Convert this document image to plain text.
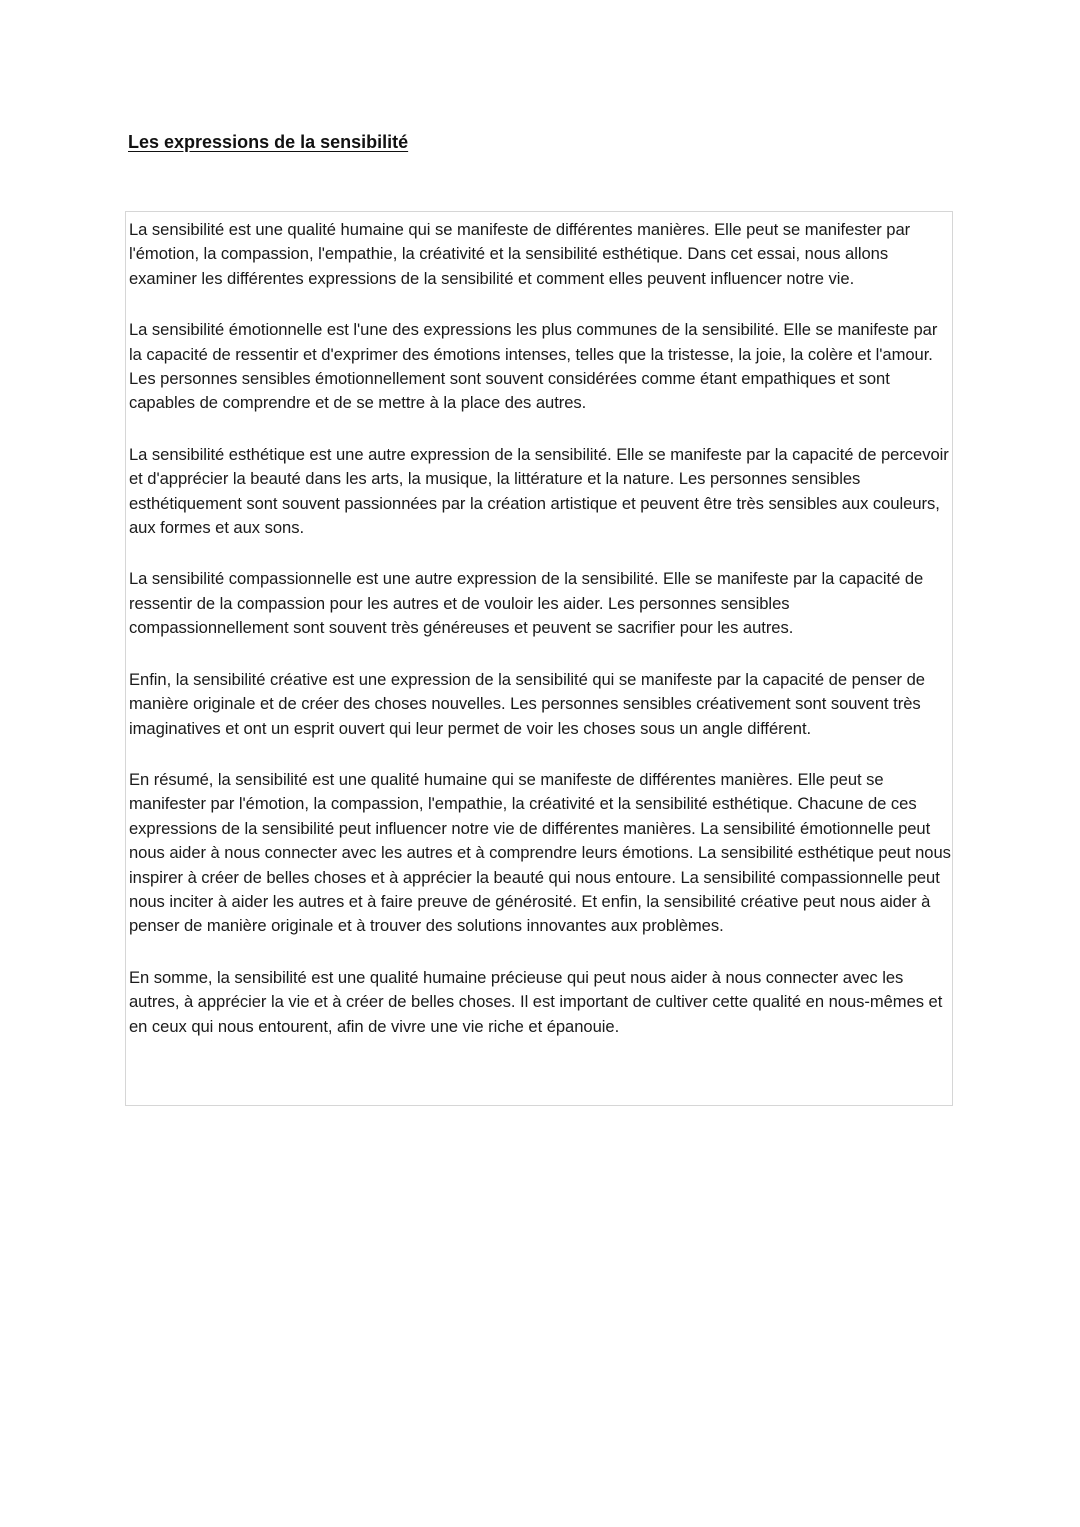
Les expressions de la sensibilité

La sensibilité est une qualité humaine qui se manifeste de différentes manières. Elle peut se manifester par l'émotion, la compassion, l'empathie, la créativité et la sensibilité esthétique. Dans cet essai, nous allons examiner les différentes expressions de la sensibilité et comment elles peuvent influencer notre vie.

La sensibilité émotionnelle est l'une des expressions les plus communes de la sensibilité. Elle se manifeste par la capacité de ressentir et d'exprimer des émotions intenses, telles que la tristesse, la joie, la colère et l'amour. Les personnes sensibles émotionnellement sont souvent considérées comme étant empathiques et sont capables de comprendre et de se mettre à la place des autres.

La sensibilité esthétique est une autre expression de la sensibilité. Elle se manifeste par la capacité de percevoir et d'apprécier la beauté dans les arts, la musique, la littérature et la nature. Les personnes sensibles esthétiquement sont souvent passionnées par la création artistique et peuvent être très sensibles aux couleurs, aux formes et aux sons.

La sensibilité compassionnelle est une autre expression de la sensibilité. Elle se manifeste par la capacité de ressentir de la compassion pour les autres et de vouloir les aider. Les personnes sensibles compassionnellement sont souvent très généreuses et peuvent se sacrifier pour les autres.

Enfin, la sensibilité créative est une expression de la sensibilité qui se manifeste par la capacité de penser de manière originale et de créer des choses nouvelles. Les personnes sensibles créativement sont souvent très imaginatives et ont un esprit ouvert qui leur permet de voir les choses sous un angle différent.

En résumé, la sensibilité est une qualité humaine qui se manifeste de différentes manières. Elle peut se manifester par l'émotion, la compassion, l'empathie, la créativité et la sensibilité esthétique. Chacune de ces expressions de la sensibilité peut influencer notre vie de différentes manières. La sensibilité émotionnelle peut nous aider à nous connecter avec les autres et à comprendre leurs émotions. La sensibilité esthétique peut nous inspirer à créer de belles choses et à apprécier la beauté qui nous entoure. La sensibilité compassionnelle peut nous inciter à aider les autres et à faire preuve de générosité. Et enfin, la sensibilité créative peut nous aider à penser de manière originale et à trouver des solutions innovantes aux problèmes.

En somme, la sensibilité est une qualité humaine précieuse qui peut nous aider à nous connecter avec les autres, à apprécier la vie et à créer de belles choses. Il est important de cultiver cette qualité en nous-mêmes et en ceux qui nous entourent, afin de vivre une vie riche et épanouie.
